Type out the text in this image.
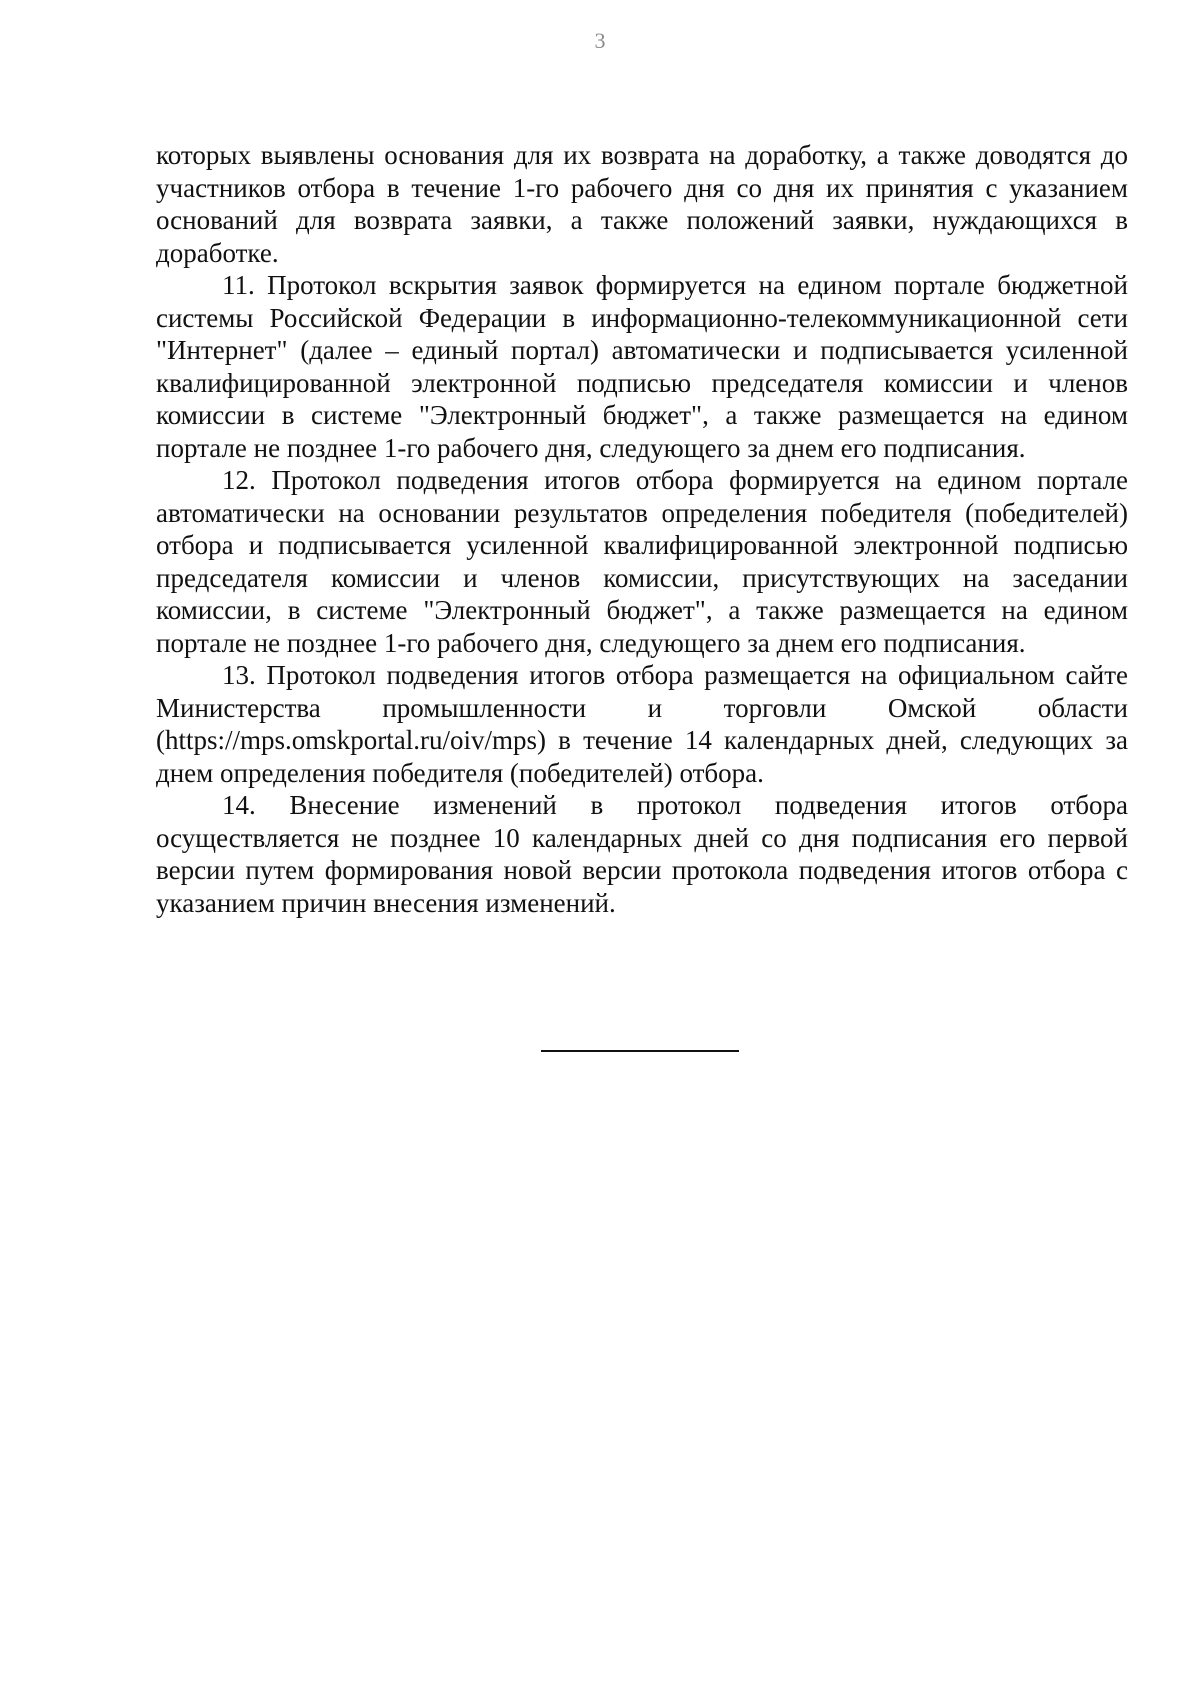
3

которых выявлены основания для их возврата на доработку, а также доводятся до участников отбора в течение 1-го рабочего дня со дня их принятия с указанием оснований для возврата заявки, а также положений заявки, нуждающихся в доработке.

11. Протокол вскрытия заявок формируется на едином портале бюджетной системы Российской Федерации в информационно-телекоммуникационной сети "Интернет" (далее – единый портал) автоматически и подписывается усиленной квалифицированной электронной подписью председателя комиссии и членов комиссии в системе "Электронный бюджет", а также размещается на едином портале не позднее 1-го рабочего дня, следующего за днем его подписания.

12. Протокол подведения итогов отбора формируется на едином портале автоматически на основании результатов определения победителя (победителей) отбора и подписывается усиленной квалифицированной электронной подписью председателя комиссии и членов комиссии, присутствующих на заседании комиссии, в системе "Электронный бюджет", а также размещается на едином портале не позднее 1-го рабочего дня, следующего за днем его подписания.

13. Протокол подведения итогов отбора размещается на официальном сайте Министерства промышленности и торговли Омской области (https://mps.omskportal.ru/oiv/mps) в течение 14 календарных дней, следующих за днем определения победителя (победителей) отбора.

14. Внесение изменений в протокол подведения итогов отбора осуществляется не позднее 10 календарных дней со дня подписания его первой версии путем формирования новой версии протокола подведения итогов отбора с указанием причин внесения изменений.
